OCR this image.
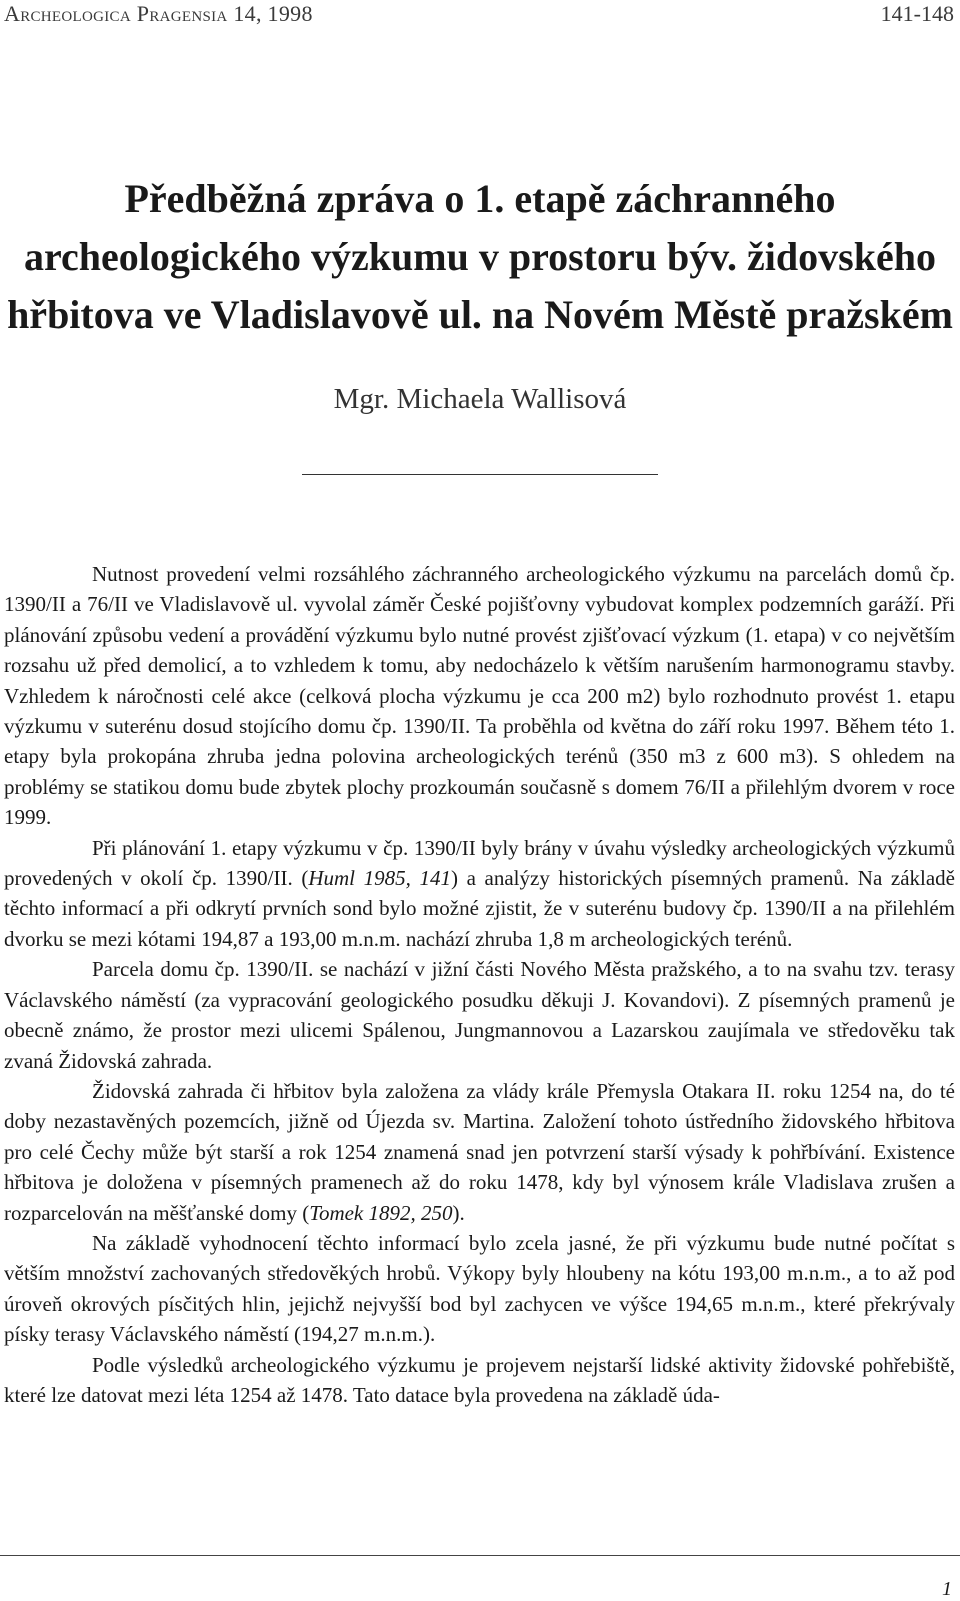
Archeologica Pragensia 14, 1998	141-148
Předběžná zpráva o 1. etapě záchranného
archeologického výzkumu v prostoru býv. židovského
hřbitova ve Vladislavově ul. na Novém Městě pražském
Mgr. Michaela Wallisová

Nutnost provedení velmi rozsáhlého záchranného archeologického výzkumu na parcelách domů čp. 1390/II a 76/II ve Vladislavově ul. vyvolal záměr České pojišťovny vybudovat komplex podzemních garáží. Při plánování způsobu vedení a provádění výzkumu bylo nutné provést zjišťovací výzkum (1. etapa) v co největším rozsahu už před demolicí, a to vzhledem k tomu, aby nedocházelo k větším narušením harmonogramu stavby. Vzhledem k náročnosti celé akce (celková plocha výzkumu je cca 200 m2) bylo rozhodnuto provést 1. etapu výzkumu v suterénu dosud stojícího domu čp. 1390/II. Ta proběhla od května do září roku 1997. Během této 1. etapy byla prokopána zhruba jedna polovina archeologických terénů (350 m3 z 600 m3). S ohledem na problémy se statikou domu bude zbytek plochy prozkoumán současně s domem 76/II a přilehlým dvorem v roce 1999.

Při plánování 1. etapy výzkumu v čp. 1390/II byly brány v úvahu výsledky archeologických výzkumů provedených v okolí čp. 1390/II. (Huml 1985, 141) a analýzy historických písemných pramenů. Na základě těchto informací a při odkrytí prvních sond bylo možné zjistit, že v suterénu budovy čp. 1390/II a na přilehlém dvorku se mezi kótami 194,87 a 193,00 m.n.m. nachází zhruba 1,8 m archeologických terénů.

Parcela domu čp. 1390/II. se nachází v jižní části Nového Města pražského, a to na svahu tzv. terasy Václavského náměstí (za vypracování geologického posudku děkuji J. Kovandovi). Z písemných pramenů je obecně známo, že prostor mezi ulicemi Spálenou, Jungmannovou a Lazarskou zaujímala ve středověku tak zvaná Židovská zahrada.

Židovská zahrada či hřbitov byla založena za vlády krále Přemysla Otakara II. roku 1254 na, do té doby nezastavěných pozemcích, jižně od Újezda sv. Martina. Založení tohoto ústředního židovského hřbitova pro celé Čechy může být starší a rok 1254 znamená snad jen potvrzení starší výsady k pohřbívání. Existence hřbitova je doložena v písemných pramenech až do roku 1478, kdy byl výnosem krále Vladislava zrušen a rozparcelován na měšťanské domy (Tomek 1892, 250).

Na základě vyhodnocení těchto informací bylo zcela jasné, že při výzkumu bude nutné počítat s větším množství zachovaných středověkých hrobů. Výkopy byly hloubeny na kótu 193,00 m.n.m., a to až pod úroveň okrových písčitých hlin, jejichž nejvyšší bod byl zachycen ve výšce 194,65 m.n.m., které překrývaly písky terasy Václavského náměstí (194,27 m.n.m.).

Podle výsledků archeologického výzkumu je projevem nejstarší lidské aktivity židovské pohřebiště, které lze datovat mezi léta 1254 až 1478. Tato datace byla provedena na základě úda-

1
